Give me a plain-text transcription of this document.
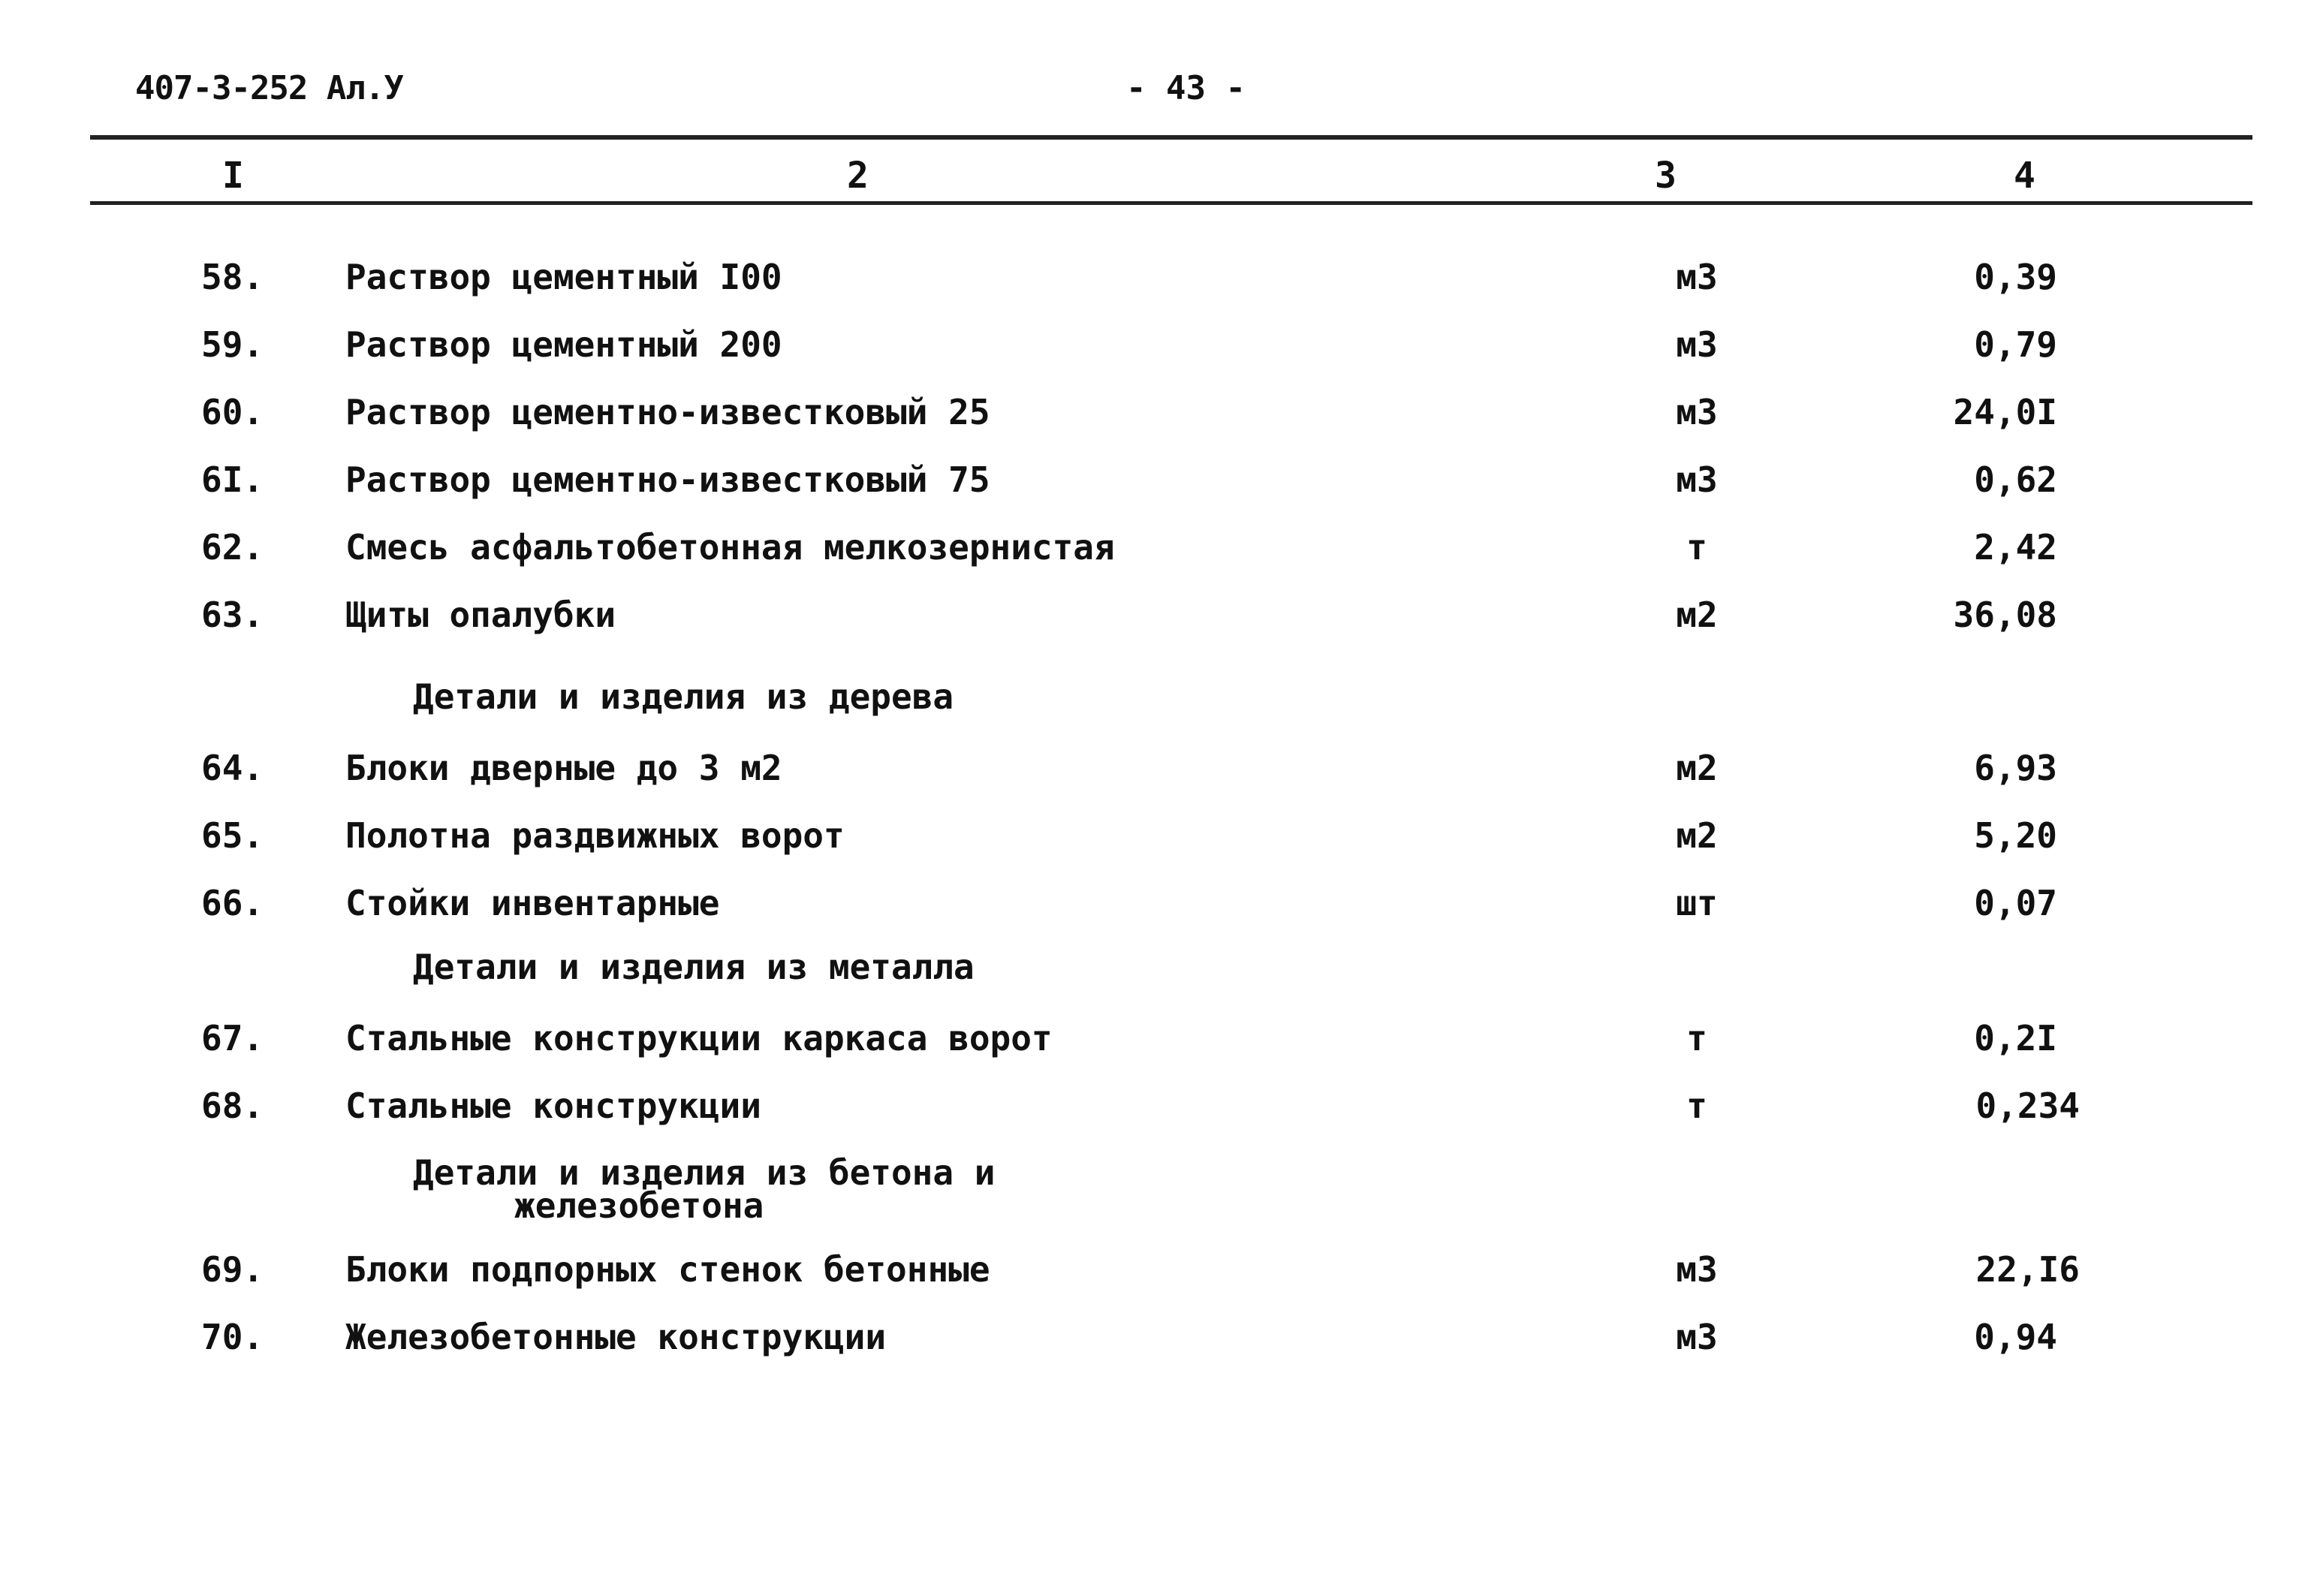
407-3-252 Ал.У	- 43 -
I	2	3	4
58. Раствор цементный I00	м3	0,39
59. Раствор цементный 200	м3	0,79
60. Раствор цементно-известковый 25	м3	24,0I
6I. Раствор цементно-известковый 75	м3	0,62
62. Смесь асфальтобетонная мелкозернистая	т	2,42
63. Щиты опалубки	м2	36,08
Детали и изделия из дерева
64. Блоки дверные до 3 м2	м2	6,93
65. Полотна раздвижных ворот	м2	5,20
66. Стойки инвентарные	шт	0,07
Детали и изделия из металла
67. Стальные конструкции каркаса ворот	т	0,2I
68. Стальные конструкции	т	0,234
Детали и изделия из бетона и
железобетона
69. Блоки подпорных стенок бетонные	м3	22,I6
70. Железобетонные конструкции	м3	0,94
